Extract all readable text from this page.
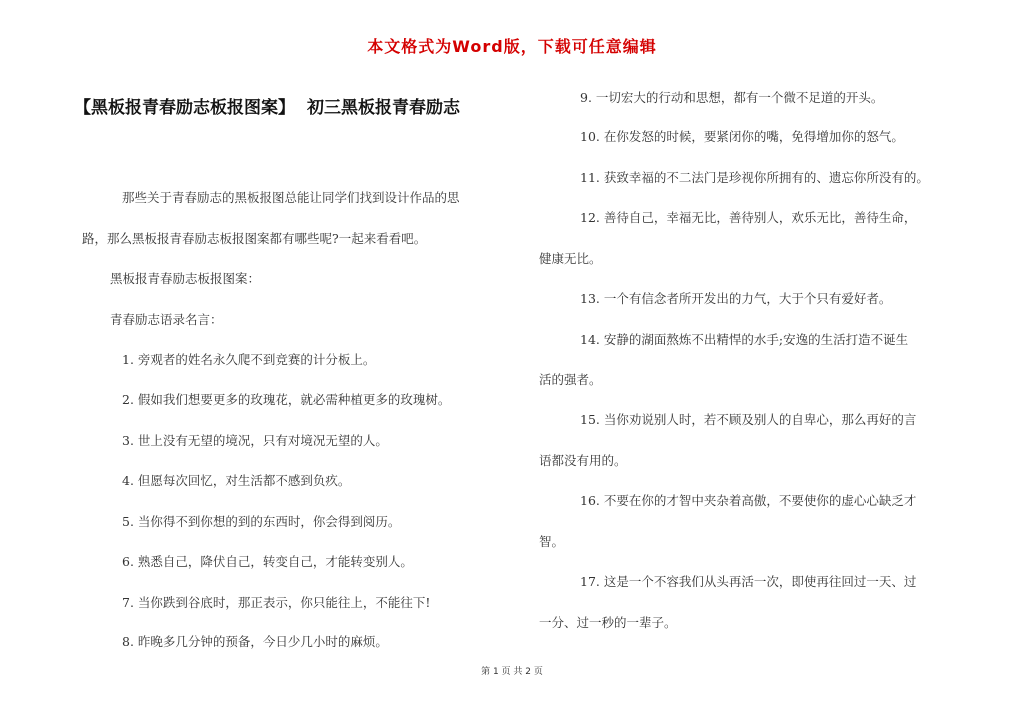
本文格式为Word版，下载可任意编辑
【黑板报青春励志板报图案】 初三黑板报青春励志

那些关于青春励志的黑板报图总能让同学们找到设计作品的思

路，那么黑板报青春励志板报图案都有哪些呢?一起来看看吧。

黑板报青春励志板报图案：

青春励志语录名言：

1. 旁观者的姓名永久爬不到竞赛的计分板上。

2. 假如我们想要更多的玫瑰花，就必需种植更多的玫瑰树。

3. 世上没有无望的境况，只有对境况无望的人。

4. 但愿每次回忆，对生活都不感到负疚。

5. 当你得不到你想的到的东西时，你会得到阅历。

6. 熟悉自己，降伏自己，转变自己，才能转变别人。

7. 当你跌到谷底时，那正表示，你只能往上，不能往下!

8. 昨晚多几分钟的预备，今日少几小时的麻烦。

9. 一切宏大的行动和思想，都有一个微不足道的开头。

10. 在你发怒的时候，要紧闭你的嘴，免得增加你的怒气。

11. 获致幸福的不二法门是珍视你所拥有的、遗忘你所没有的。

12. 善待自己，幸福无比，善待别人，欢乐无比，善待生命，

健康无比。

13. 一个有信念者所开发出的力气，大于个只有爱好者。

14. 安静的湖面熬炼不出精悍的水手;安逸的生活打造不诞生

活的强者。

15. 当你劝说别人时，若不顾及别人的自卑心，那么再好的言

语都没有用的。

16. 不要在你的才智中夹杂着高傲，不要使你的虚心心缺乏才

智。

17. 这是一个不容我们从头再活一次，即使再往回过一天、过

一分、过一秒的一辈子。

第 1 页 共 2 页
